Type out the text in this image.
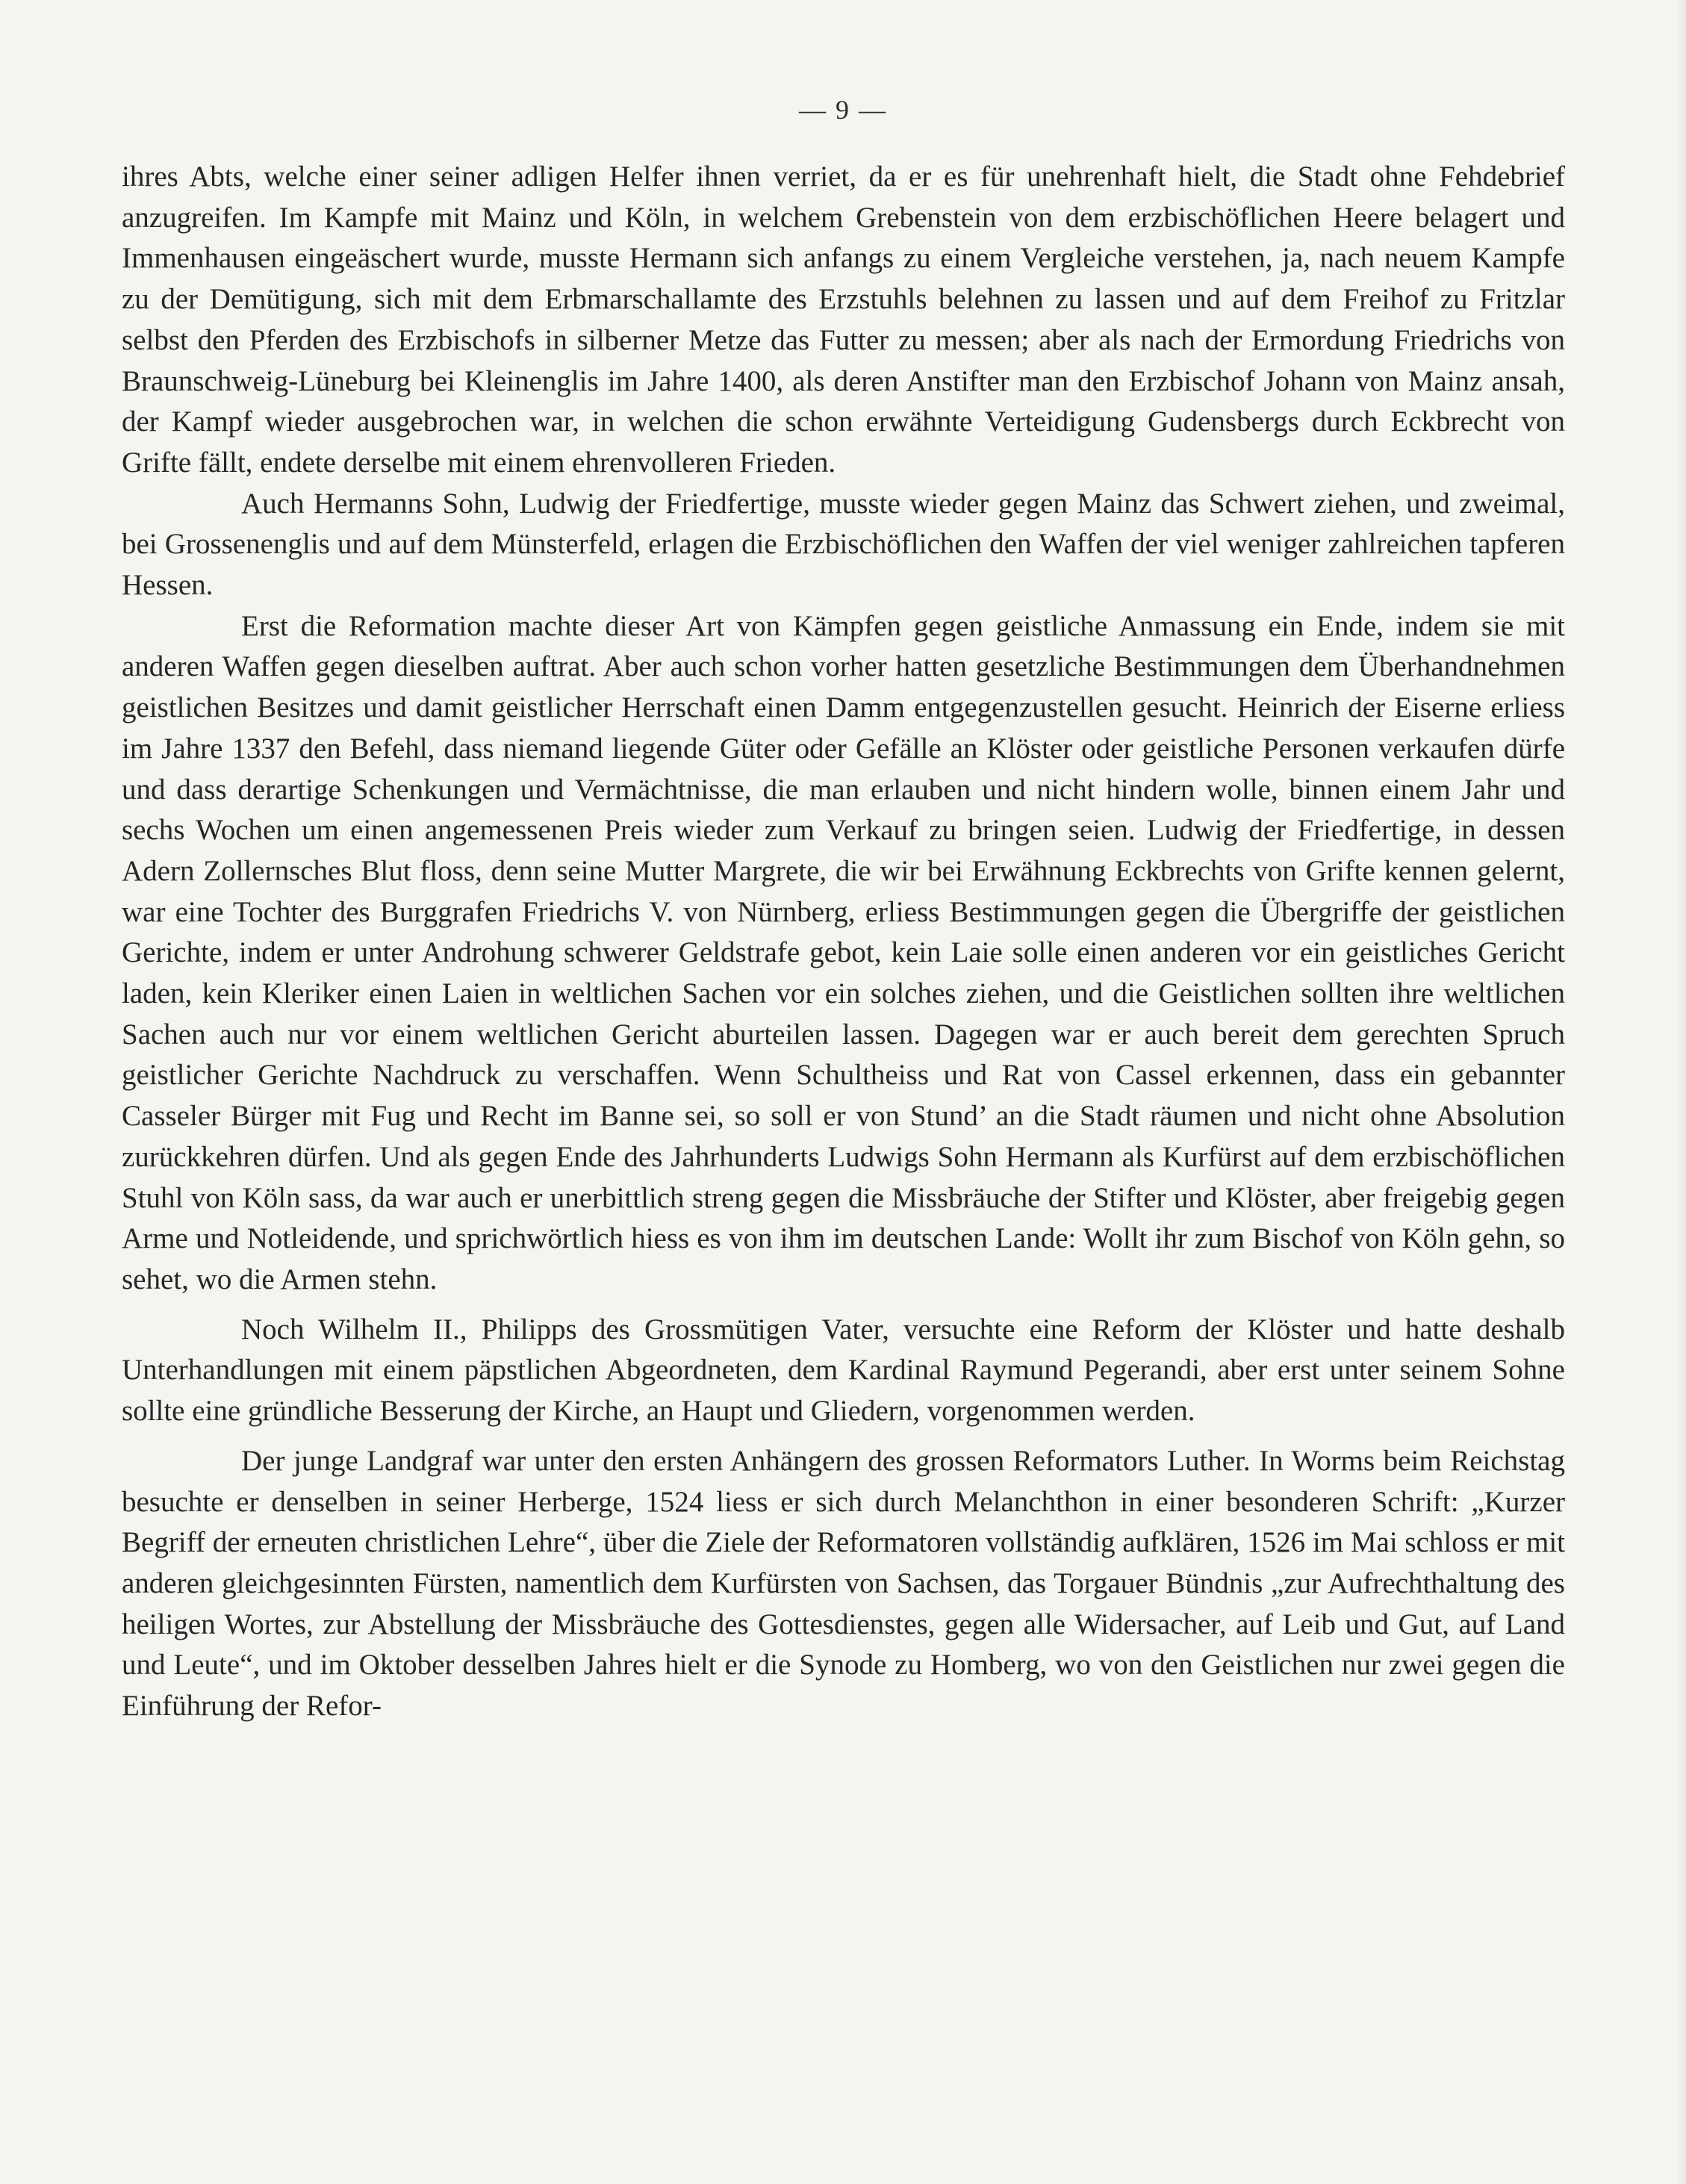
— 9 —

ihres Abts, welche einer seiner adligen Helfer ihnen verriet, da er es für unehrenhaft hielt, die Stadt ohne Fehdebrief anzugreifen. Im Kampfe mit Mainz und Köln, in welchem Grebenstein von dem erzbischöflichen Heere belagert und Immenhausen eingeäschert wurde, musste Hermann sich anfangs zu einem Vergleiche verstehen, ja, nach neuem Kampfe zu der Demütigung, sich mit dem Erbmarschallamte des Erzstuhls belehnen zu lassen und auf dem Freihof zu Fritzlar selbst den Pferden des Erzbischofs in silberner Metze das Futter zu messen; aber als nach der Ermordung Friedrichs von Braunschweig-Lüneburg bei Kleinenglis im Jahre 1400, als deren Anstifter man den Erzbischof Johann von Mainz ansah, der Kampf wieder ausgebrochen war, in welchen die schon erwähnte Verteidigung Gudensbergs durch Eckbrecht von Grifte fällt, endete derselbe mit einem ehrenvolleren Frieden.

Auch Hermanns Sohn, Ludwig der Friedfertige, musste wieder gegen Mainz das Schwert ziehen, und zweimal, bei Grossenenglis und auf dem Münsterfeld, erlagen die Erzbischöflichen den Waffen der viel weniger zahlreichen tapferen Hessen.

Erst die Reformation machte dieser Art von Kämpfen gegen geistliche Anmassung ein Ende, indem sie mit anderen Waffen gegen dieselben auftrat. Aber auch schon vorher hatten gesetzliche Bestimmungen dem Überhandnehmen geistlichen Besitzes und damit geistlicher Herrschaft einen Damm entgegenzustellen gesucht. Heinrich der Eiserne erliess im Jahre 1337 den Befehl, dass niemand liegende Güter oder Gefälle an Klöster oder geistliche Personen verkaufen dürfe und dass derartige Schenkungen und Vermächtnisse, die man erlauben und nicht hindern wolle, binnen einem Jahr und sechs Wochen um einen angemessenen Preis wieder zum Verkauf zu bringen seien. Ludwig der Friedfertige, in dessen Adern Zollernsches Blut floss, denn seine Mutter Margrete, die wir bei Erwähnung Eckbrechts von Grifte kennen gelernt, war eine Tochter des Burggrafen Friedrichs V. von Nürnberg, erliess Bestimmungen gegen die Übergriffe der geistlichen Gerichte, indem er unter Androhung schwerer Geldstrafe gebot, kein Laie solle einen anderen vor ein geistliches Gericht laden, kein Kleriker einen Laien in weltlichen Sachen vor ein solches ziehen, und die Geistlichen sollten ihre weltlichen Sachen auch nur vor einem weltlichen Gericht aburteilen lassen. Dagegen war er auch bereit dem gerechten Spruch geistlicher Gerichte Nachdruck zu verschaffen. Wenn Schultheiss und Rat von Cassel erkennen, dass ein gebannter Casseler Bürger mit Fug und Recht im Banne sei, so soll er von Stund’ an die Stadt räumen und nicht ohne Absolution zurückkehren dürfen. Und als gegen Ende des Jahrhunderts Ludwigs Sohn Hermann als Kurfürst auf dem erzbischöflichen Stuhl von Köln sass, da war auch er unerbittlich streng gegen die Missbräuche der Stifter und Klöster, aber freigebig gegen Arme und Notleidende, und sprichwörtlich hiess es von ihm im deutschen Lande: Wollt ihr zum Bischof von Köln gehn, so sehet, wo die Armen stehn.

Noch Wilhelm II., Philipps des Grossmütigen Vater, versuchte eine Reform der Klöster und hatte deshalb Unterhandlungen mit einem päpstlichen Abgeordneten, dem Kardinal Raymund Pegerandi, aber erst unter seinem Sohne sollte eine gründliche Besserung der Kirche, an Haupt und Gliedern, vorgenommen werden.

Der junge Landgraf war unter den ersten Anhängern des grossen Reformators Luther. In Worms beim Reichstag besuchte er denselben in seiner Herberge, 1524 liess er sich durch Melanchthon in einer besonderen Schrift: „Kurzer Begriff der erneuten christlichen Lehre“, über die Ziele der Reformatoren vollständig aufklären, 1526 im Mai schloss er mit anderen gleichgesinnten Fürsten, namentlich dem Kurfürsten von Sachsen, das Torgauer Bündnis „zur Aufrechthaltung des heiligen Wortes, zur Abstellung der Missbräuche des Gottesdienstes, gegen alle Widersacher, auf Leib und Gut, auf Land und Leute“, und im Oktober desselben Jahres hielt er die Synode zu Homberg, wo von den Geistlichen nur zwei gegen die Einführung der Refor-
